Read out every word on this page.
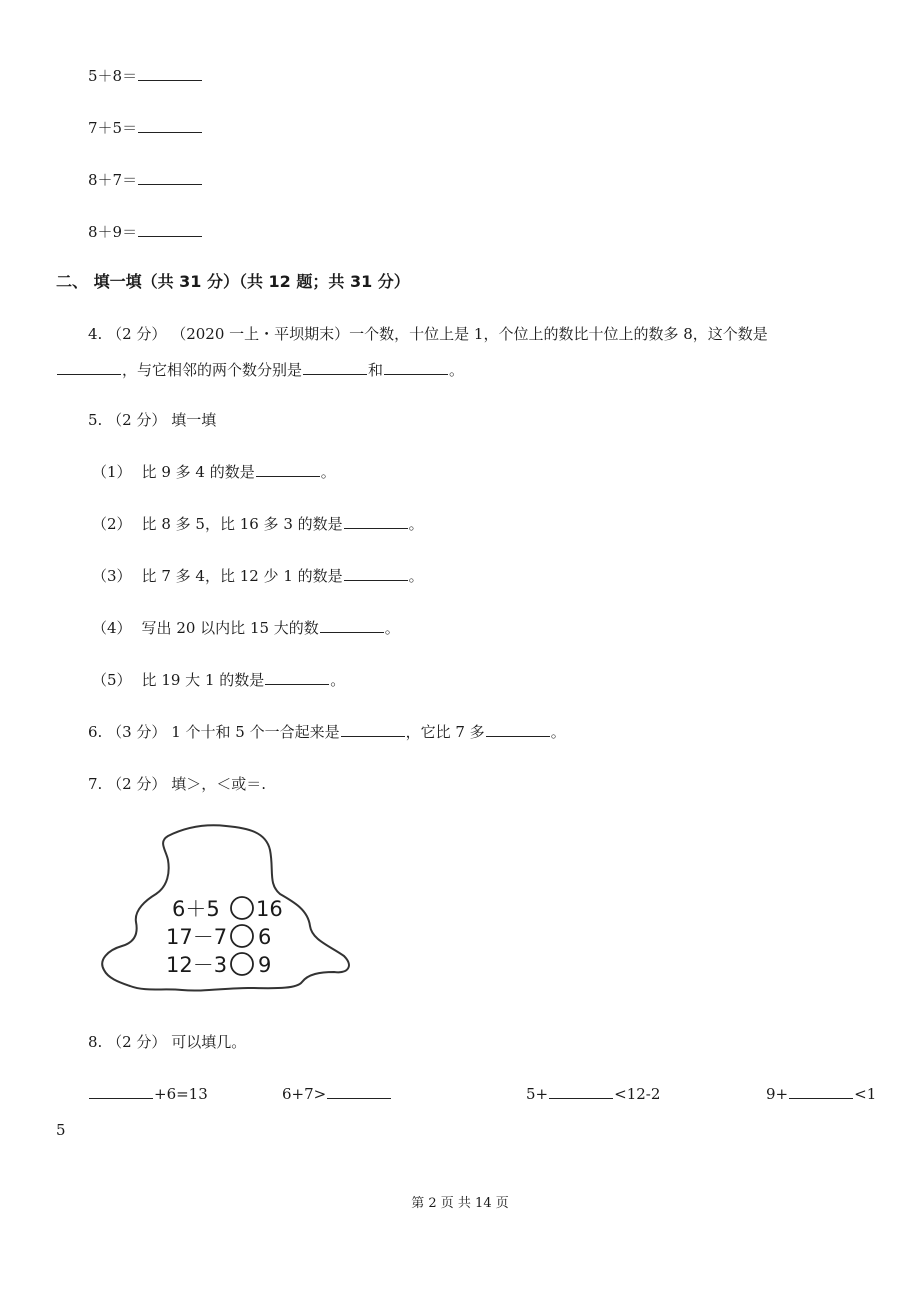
5＋8＝
7＋5＝
8＋7＝
8＋9＝
二、 填一填（共 31 分）（共 12 题；共 31 分）
4. （2 分） （2020 一上・平坝期末）一个数，十位上是 1，个位上的数比十位上的数多 8，这个数是
，与它相邻的两个数分别是	和	。
5. （2 分） 填一填
（1） 比 9 多 4 的数是	。
（2） 比 8 多 5，比 16 多 3 的数是	。
（3） 比 7 多 4，比 12 少 1 的数是	。
（4） 写出 20 以内比 15 大的数	。
（5） 比 19 大 1 的数是	。
6. （3 分） 1 个十和 5 个一合起来是	，它比 7 多	。
7. （2 分） 填＞，＜或＝.
6＋5 16
17－7 6
12－3 9
8. （2 分） 可以填几。
+6=13	6+7>	5+	<12-2	9+	<1
5
第 2 页 共 14 页
